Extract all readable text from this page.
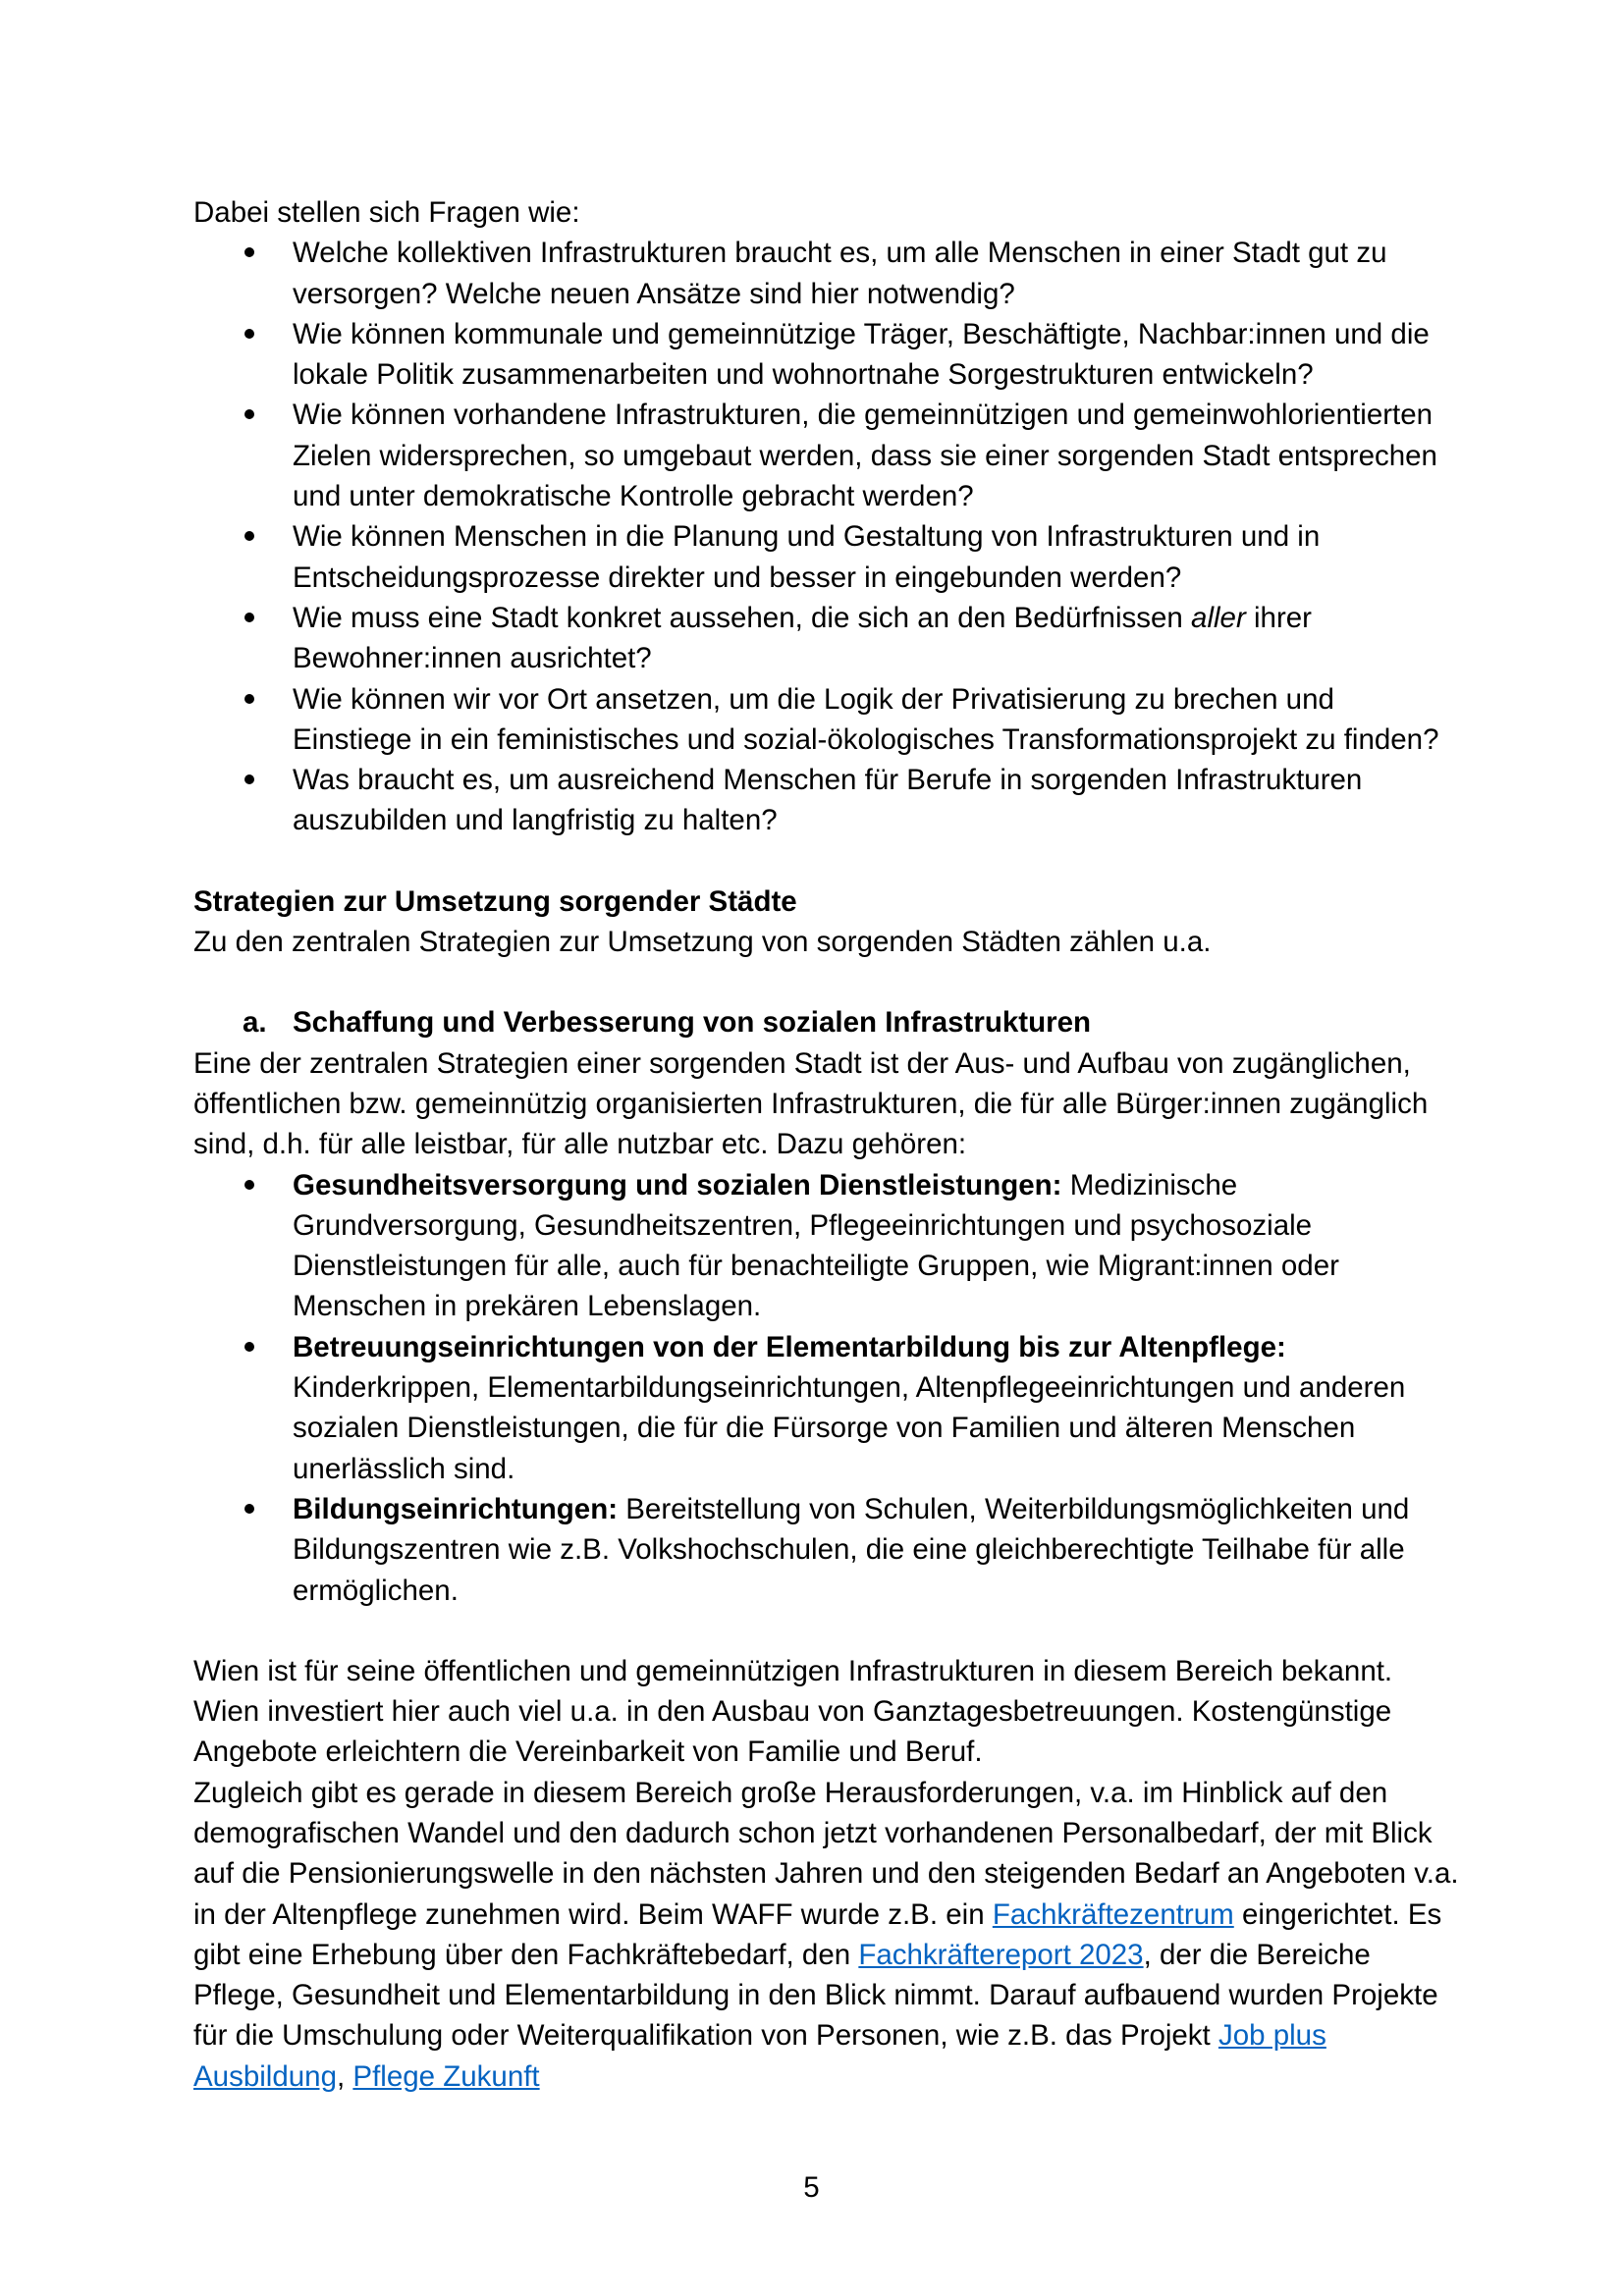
Dabei stellen sich Fragen wie:

Welche kollektiven Infrastrukturen braucht es, um alle Menschen in einer Stadt gut zu versorgen? Welche neuen Ansätze sind hier notwendig?
Wie können kommunale und gemeinnützige Träger, Beschäftigte, Nachbar:innen und die lokale Politik zusammenarbeiten und wohnortnahe Sorgestrukturen entwickeln?
Wie können vorhandene Infrastrukturen, die gemeinnützigen und gemeinwohlorientierten Zielen widersprechen, so umgebaut werden, dass sie einer sorgenden Stadt entsprechen und unter demokratische Kontrolle gebracht werden?
Wie können Menschen in die Planung und Gestaltung von Infrastrukturen und in Entscheidungsprozesse direkter und besser in eingebunden werden?
Wie muss eine Stadt konkret aussehen, die sich an den Bedürfnissen aller ihrer Bewohner:innen ausrichtet?
Wie können wir vor Ort ansetzen, um die Logik der Privatisierung zu brechen und Einstiege in ein feministisches und sozial-ökologisches Transformationsprojekt zu finden?
Was braucht es, um ausreichend Menschen für Berufe in sorgenden Infrastrukturen auszubilden und langfristig zu halten?

Strategien zur Umsetzung sorgender Städte

Zu den zentralen Strategien zur Umsetzung von sorgenden Städten zählen u.a.

a. Schaffung und Verbesserung von sozialen Infrastrukturen

Eine der zentralen Strategien einer sorgenden Stadt ist der Aus- und Aufbau von zugänglichen, öffentlichen bzw. gemeinnützig organisierten Infrastrukturen, die für alle Bürger:innen zugänglich sind, d.h. für alle leistbar, für alle nutzbar etc. Dazu gehören:

Gesundheitsversorgung und sozialen Dienstleistungen: Medizinische Grundversorgung, Gesundheitszentren, Pflegeeinrichtungen und psychosoziale Dienstleistungen für alle, auch für benachteiligte Gruppen, wie Migrant:innen oder Menschen in prekären Lebenslagen.
Betreuungseinrichtungen von der Elementarbildung bis zur Altenpflege: Kinderkrippen, Elementarbildungseinrichtungen, Altenpflegeeinrichtungen und anderen sozialen Dienstleistungen, die für die Fürsorge von Familien und älteren Menschen unerlässlich sind.
Bildungseinrichtungen: Bereitstellung von Schulen, Weiterbildungsmöglichkeiten und Bildungszentren wie z.B. Volkshochschulen, die eine gleichberechtigte Teilhabe für alle ermöglichen.

Wien ist für seine öffentlichen und gemeinnützigen Infrastrukturen in diesem Bereich bekannt. Wien investiert hier auch viel u.a. in den Ausbau von Ganztagesbetreuungen. Kostengünstige Angebote erleichtern die Vereinbarkeit von Familie und Beruf.

Zugleich gibt es gerade in diesem Bereich große Herausforderungen, v.a. im Hinblick auf den demografischen Wandel und den dadurch schon jetzt vorhandenen Personalbedarf, der mit Blick auf die Pensionierungswelle in den nächsten Jahren und den steigenden Bedarf an Angeboten v.a. in der Altenpflege zunehmen wird. Beim WAFF wurde z.B. ein Fachkräftezentrum eingerichtet. Es gibt eine Erhebung über den Fachkräftebedarf, den Fachkräftereport 2023, der die Bereiche Pflege, Gesundheit und Elementarbildung in den Blick nimmt. Darauf aufbauend wurden Projekte für die Umschulung oder Weiterqualifikation von Personen, wie z.B. das Projekt Job plus Ausbildung, Pflege Zukunft

5
